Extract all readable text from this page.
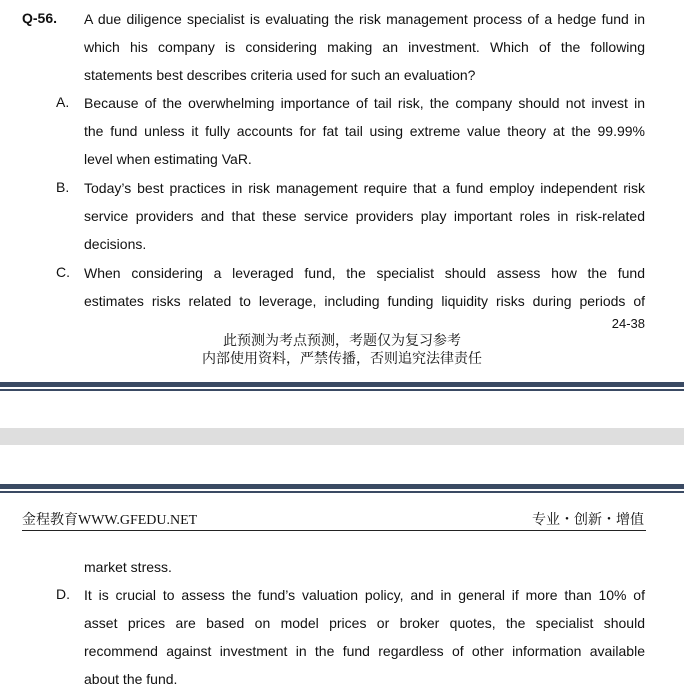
Q-56. A due diligence specialist is evaluating the risk management process of a hedge fund in
which his company is considering making an investment. Which of the following
statements best describes criteria used for such an evaluation?
A. Because of the overwhelming importance of tail risk, the company should not invest in
the fund unless it fully accounts for fat tail using extreme value theory at the 99.99%
level when estimating VaR.
B. Today’s best practices in risk management require that a fund employ independent risk
service providers and that these service providers play important roles in risk-related
decisions.
C. When considering a leveraged fund, the specialist should assess how the fund
estimates risks related to leverage, including funding liquidity risks during periods of
24-38
此预测为考点预测，考题仅为复习参考
内部使用资料，严禁传播，否则追究法律责任
金程教育WWW.GFEDU.NET	专业・创新・增值
market stress.
D. It is crucial to assess the fund’s valuation policy, and in general if more than 10% of
asset prices are based on model prices or broker quotes, the specialist should
recommend against investment in the fund regardless of other information available
about the fund.
